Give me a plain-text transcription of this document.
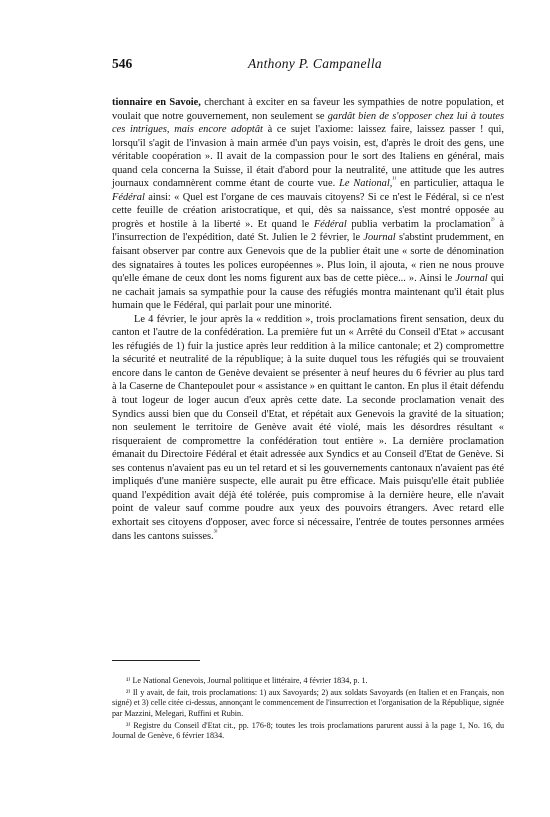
546	Anthony P. Campanella

tionnaire en Savoie, cherchant à exciter en sa faveur les sympathies de notre population, et voulait que notre gouvernement, non seulement se gardât bien de s'opposer chez lui à toutes ces intrigues, mais encore adoptât à ce sujet l'axiome: laissez faire, laissez passer ! qui, lorsqu'il s'agit de l'invasion à main armée d'un pays voisin, est, d'après le droit des gens, une véritable coopération ». Il avait de la compassion pour le sort des Italiens en général, mais quand cela concerna la Suisse, il était d'abord pour la neutralité, une attitude que les autres journaux condamnèrent comme étant de courte vue. Le National,$^{^{1)}}$ en particulier, attaqua le Fédéral ainsi: « Quel est l'organe de ces mauvais citoyens? Si ce n'est le Fédéral, si ce n'est cette feuille de création aristocratique, et qui, dès sa naissance, s'est montré opposée au progrès et hostile à la liberté ». Et quand le Fédéral publia verbatim la proclamation$^{^{2)}}$ à l'insurrection de l'expédition, daté St. Julien le 2 février, le Journal s'abstint prudemment, en faisant observer par contre aux Genevois que de la publier était une « sorte de dénomination des signataires à toutes les polices européennes ». Plus loin, il ajouta, « rien ne nous prouve qu'elle émane de ceux dont les noms figurent aux bas de cette pièce... ». Ainsi le Journal qui ne cachait jamais sa sympathie pour la cause des réfugiés montra maintenant qu'il était plus humain que le Fédéral, qui parlait pour une minorité.

Le 4 février, le jour après la « reddition », trois proclamations firent sensation, deux du canton et l'autre de la confédération. La première fut un « Arrêté du Conseil d'Etat » accusant les réfugiés de 1) fuir la justice après leur reddition à la milice cantonale; et 2) compromettre la sécurité et neutralité de la république; à la suite duquel tous les réfugiés qui se trouvaient encore dans le canton de Genève devaient se présenter à neuf heures du 6 février au plus tard à la Caserne de Chantepoulet pour « assistance » en quittant le canton. En plus il était défendu à tout logeur de loger aucun d'eux après cette date. La seconde proclamation venait des Syndics aussi bien que du Conseil d'Etat, et répétait aux Genevois la gravité de la situation; non seulement le territoire de Genève avait été violé, mais les désordres résultant « risqueraient de compromettre la confédération tout entière ». La dernière proclamation émanait du Directoire Fédéral et était adressée aux Syndics et au Conseil d'Etat de Genève. Si ses contenus n'avaient pas eu un tel retard et si les gouvernements cantonaux n'avaient pas été impliqués d'une manière suspecte, elle aurait pu être efficace. Mais puisqu'elle était publiée quand l'expédition avait déjà été tolérée, puis compromise à la dernière heure, elle n'avait point de valeur sauf comme poudre aux yeux des pouvoirs étrangers. Avec retard elle exhortait ses citoyens d'opposer, avec force si nécessaire, l'entrée de toutes personnes armées dans les cantons suisses.$^{^{3)}}$

¹⁾ Le National Genevois, Journal politique et littéraire, 4 février 1834, p. 1.

²⁾ Il y avait, de fait, trois proclamations: 1) aux Savoyards; 2) aux soldats Savoyards (en Italien et en Français, non signé) et 3) celle citée ci-dessus, annonçant le commencement de l'insurrection et l'organisation de la République, signée par Mazzini, Melegari, Ruffini et Rubin.

³⁾ Registre du Conseil d'Etat cit., pp. 176-8; toutes les trois proclamations parurent aussi à la page 1, No. 16, du Journal de Genève, 6 février 1834.
